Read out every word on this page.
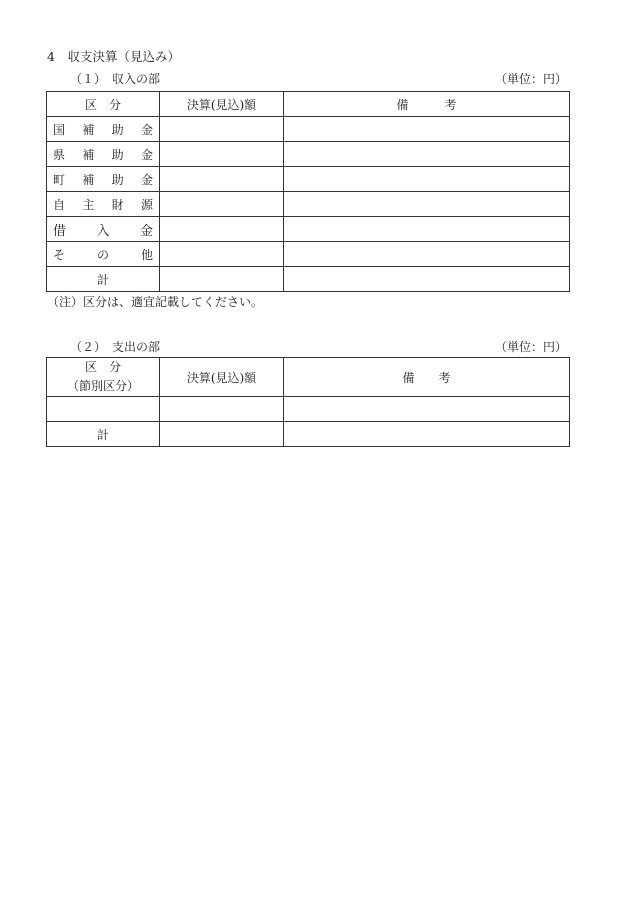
4　収支決算（見込み）
（１）　収入の部	（単位：円）
区　分	決算(見込)額	備　　　考

国 補 助 金		

県 補 助 金		

町 補 助 金		

自 主 財 源		

借 入 金		

そ の 他		

計		
（注）区分は、適宜記載してください。
（２）　支出の部	（単位：円）
区　分
（節別区分）	決算(見込)額	備　　考

計		
